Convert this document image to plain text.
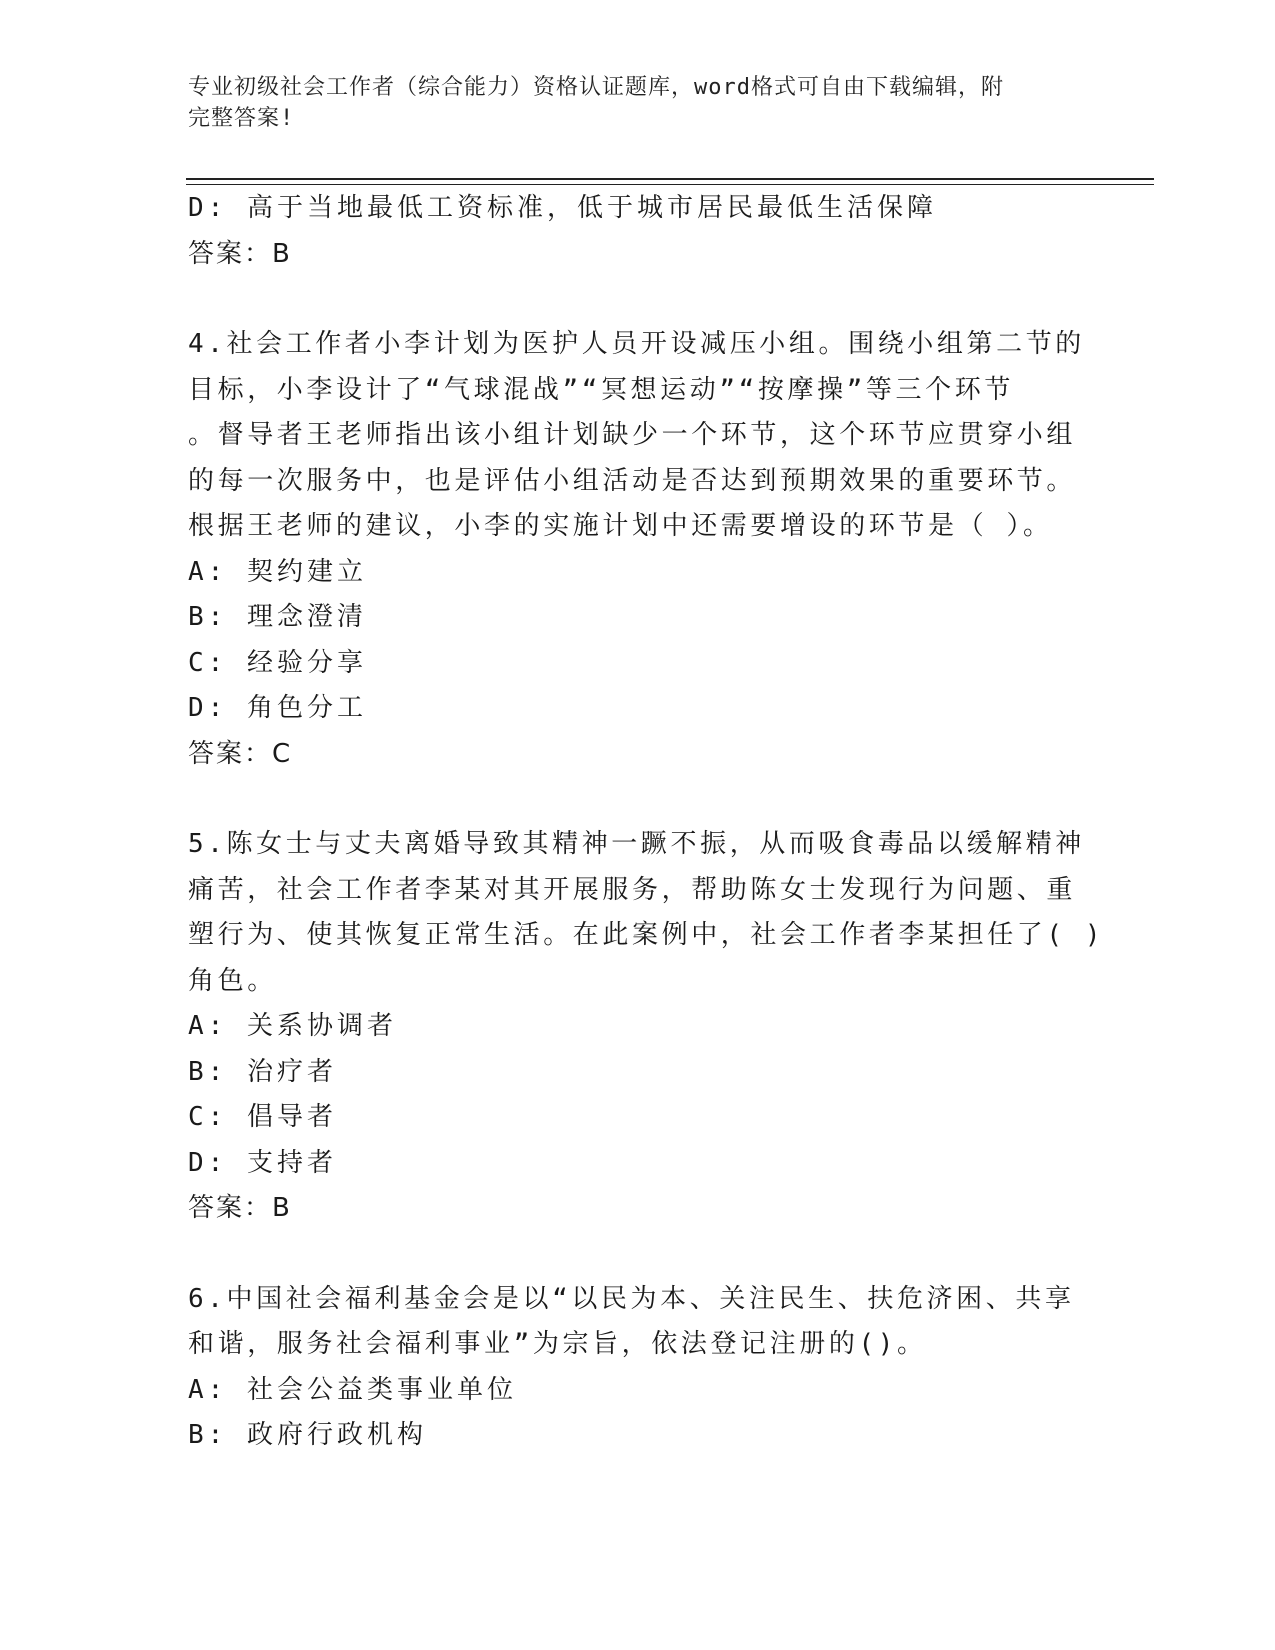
专业初级社会工作者（综合能力）资格认证题库，word格式可自由下载编辑，附
完整答案!
D: 高于当地最低工资标准，低于城市居民最低生活保障
答案：B
4.社会工作者小李计划为医护人员开设减压小组。围绕小组第二节的
目标，小李设计了“气球混战”“冥想运动”“按摩操”等三个环节
。督导者王老师指出该小组计划缺少一个环节，这个环节应贯穿小组
的每一次服务中，也是评估小组活动是否达到预期效果的重要环节。
根据王老师的建议，小李的实施计划中还需要增设的环节是（ ）。
A: 契约建立
B: 理念澄清
C: 经验分享
D: 角色分工
答案：C
5.陈女士与丈夫离婚导致其精神一蹶不振，从而吸食毒品以缓解精神
痛苦，社会工作者李某对其开展服务，帮助陈女士发现行为问题、重
塑行为、使其恢复正常生活。在此案例中，社会工作者李某担任了( )
角色。
A: 关系协调者
B: 治疗者
C: 倡导者
D: 支持者
答案：B
6.中国社会福利基金会是以“以民为本、关注民生、扶危济困、共享
和谐，服务社会福利事业”为宗旨，依法登记注册的()。
A: 社会公益类事业单位
B: 政府行政机构
